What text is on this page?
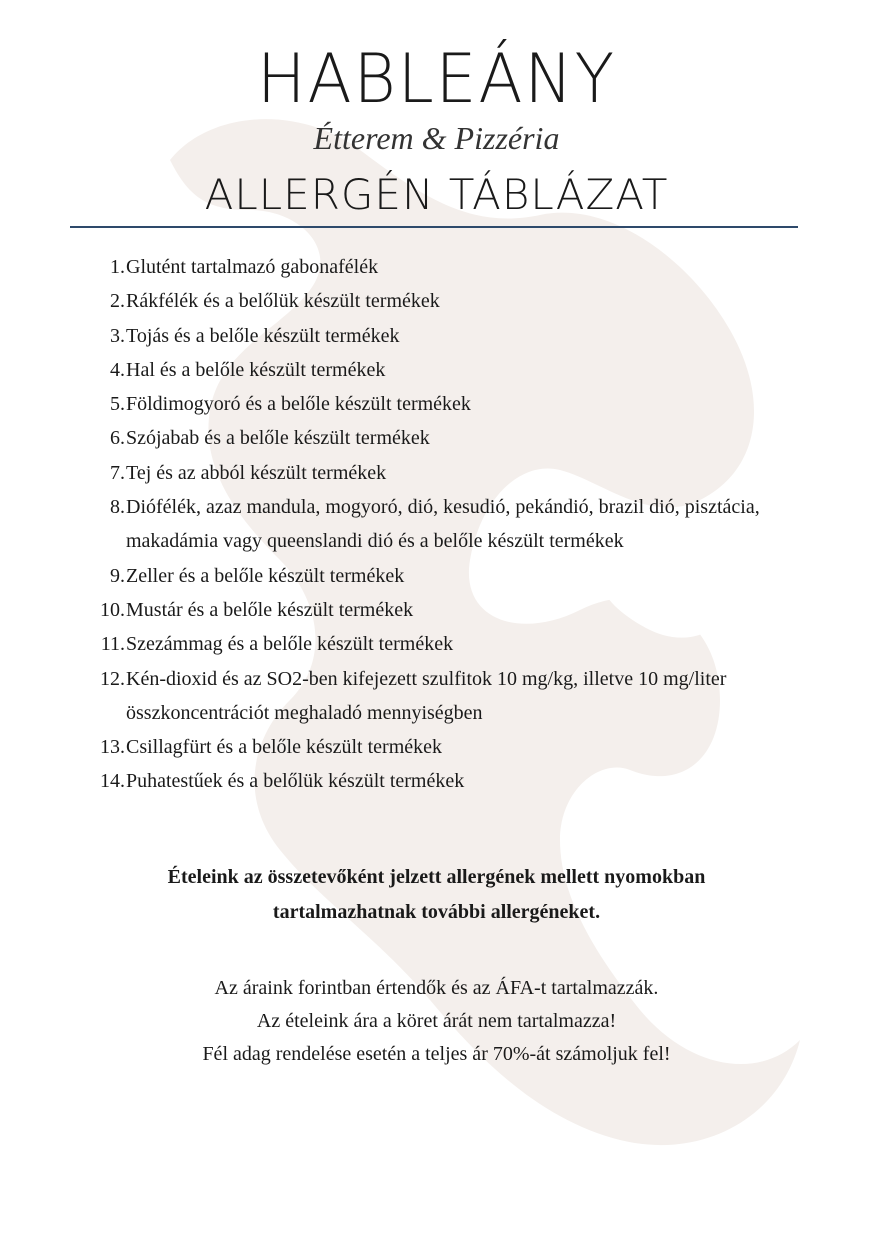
HABLEÁNY
Étterem & Pizzéria
ALLERGÉN TÁBLÁZAT
1. Glutént tartalmazó gabonafélék
2. Rákfélék és a belőlük készült termékek
3. Tojás és a belőle készült termékek
4. Hal és a belőle készült termékek
5. Földimogyoró és a belőle készült termékek
6. Szójabab és a belőle készült termékek
7. Tej és az abból készült termékek
8. Diófélék, azaz mandula, mogyoró, dió, kesudió, pekándió, brazil dió, pisztácia, makadámia vagy queenslandi dió és a belőle készült termékek
9. Zeller és a belőle készült termékek
10. Mustár és a belőle készült termékek
11. Szezámmag és a belőle készült termékek
12. Kén-dioxid és az SO2-ben kifejezett szulfitok 10 mg/kg, illetve 10 mg/liter összkoncentrációt meghaladó mennyiségben
13. Csillagfürt és a belőle készült termékek
14. Puhatestűek és a belőlük készült termékek
Ételeink az összetevőként jelzett allergének mellett nyomokban
tartalmazhatnak további allergéneket.
Az áraink forintban értendők és az ÁFA-t tartalmazzák.
Az ételeink ára a köret árát nem tartalmazza!
Fél adag rendelése esetén a teljes ár 70%-át számoljuk fel!
